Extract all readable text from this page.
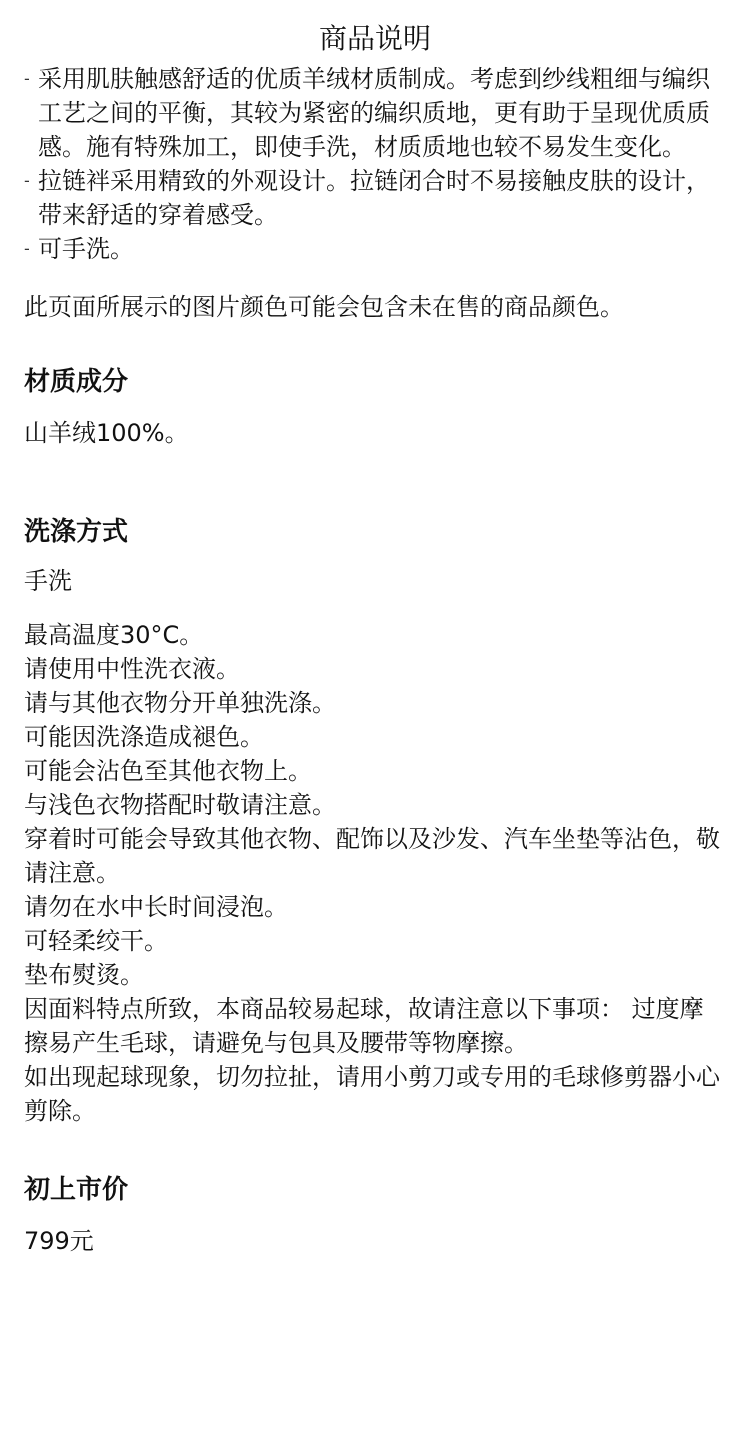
商品说明
- 采用肌肤触感舒适的优质羊绒材质制成。考虑到纱线粗细与编织工艺之间的平衡，其较为紧密的编织质地，更有助于呈现优质质感。施有特殊加工，即使手洗，材质质地也较不易发生变化。
- 拉链袢采用精致的外观设计。拉链闭合时不易接触皮肤的设计，带来舒适的穿着感受。
- 可手洗。

此页面所展示的图片颜色可能会包含未在售的商品颜色。

材质成分

山羊绒100%。

洗涤方式

手洗

最高温度30°C。
请使用中性洗衣液。
请与其他衣物分开单独洗涤。
可能因洗涤造成褪色。
可能会沾色至其他衣物上。
与浅色衣物搭配时敬请注意。
穿着时可能会导致其他衣物、配饰以及沙发、汽车坐垫等沾色，敬请注意。
请勿在水中长时间浸泡。
可轻柔绞干。
垫布熨烫。
因面料特点所致，本商品较易起球，故请注意以下事项： 过度摩擦易产生毛球，请避免与包具及腰带等物摩擦。
如出现起球现象，切勿拉扯，请用小剪刀或专用的毛球修剪器小心剪除。
初上市价

799元
